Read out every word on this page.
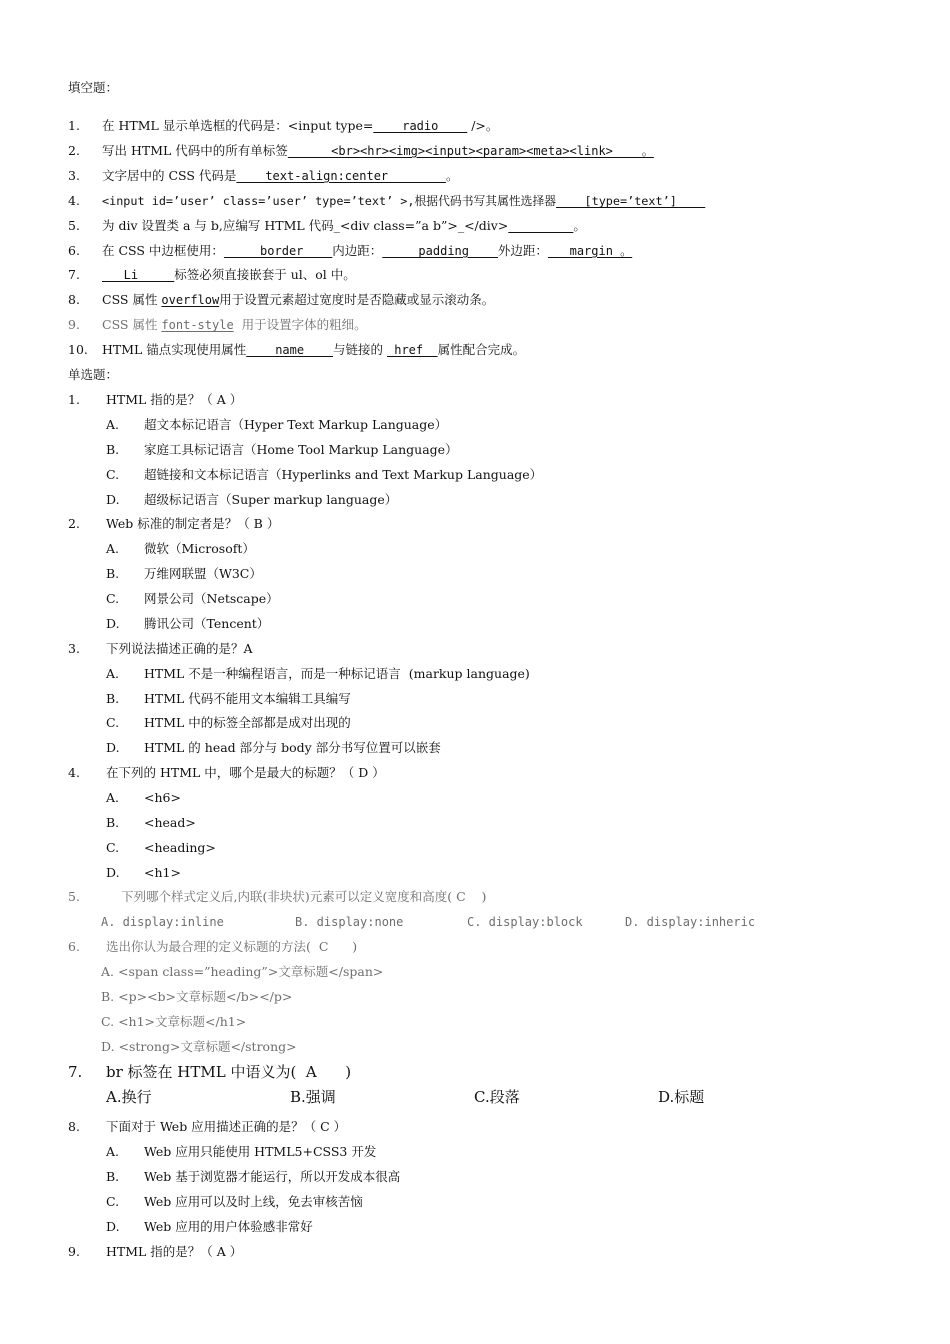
填空题：
1. 在 HTML 显示单选框的代码是：<input type=    radio     />。
2. 写出 HTML 代码中的所有单标签      <br><hr><img><input><param><meta><link>    。
3. 文字居中的 CSS 代码是    text-align:center        。
4. <input id=’user’ class=’user’ type=’text’ >,根据代码书写其属性选择器    [type=’text’]
5. 为 div 设置类 a 与 b,应编写 HTML 代码_<div class=”a b”>_</div>	。
6. 在 CSS 中边框使用：     border    内边距：     padding    外边距：   margin 。
7.   Li     标签必须直接嵌套于 ul、ol 中。
8. CSS 属性 overflow用于设置元素超过宽度时是否隐藏或显示滚动条。
9. CSS 属性 font-style  用于设置字体的粗细。
10. HTML 锚点实现使用属性    name    与链接的  href  属性配合完成。
单选题：
1. HTML 指的是？（ A ）
A. 超文本标记语言（Hyper Text Markup Language）
B. 家庭工具标记语言（Home Tool Markup Language）
C. 超链接和文本标记语言（Hyperlinks and Text Markup Language）
D. 超级标记语言（Super markup language）
2. Web 标准的制定者是？（ B ）
A. 微软（Microsoft）
B. 万维网联盟（W3C）
C. 网景公司（Netscape）
D. 腾讯公司（Tencent）
3. 下列说法描述正确的是？A
A. HTML 不是一种编程语言，而是一种标记语言  (markup language)
B. HTML 代码不能用文本编辑工具编写
C. HTML 中的标签全部都是成对出现的
D. HTML 的 head 部分与 body 部分书写位置可以嵌套
4. 在下列的 HTML 中，哪个是最大的标题？（ D ）
A. <h6>
B. <head>
C. <heading>
D. <h1>
5.	下列哪个样式定义后,内联(非块状)元素可以定义宽度和高度( C    )

A. display:inline

	B. display:none

	C. display:block

	D. display:inheric

6. 选出你认为最合理的定义标题的方法(  C      )
A. <span class=”heading”>文章标题</span>
B. <p><b>文章标题</b></p>
C. <h1>文章标题</h1>
D. <strong>文章标题</strong>
7. br 标签在 HTML 中语义为(  A      )

A.换行

	B.强调

	C.段落

	D.标题

8. 下面对于 Web 应用描述正确的是？（ C ）
A. Web 应用只能使用 HTML5+CSS3 开发
B. Web 基于浏览器才能运行，所以开发成本很高
C. Web 应用可以及时上线，免去审核苦恼
D. Web 应用的用户体验感非常好
9. HTML 指的是？（ A ）
